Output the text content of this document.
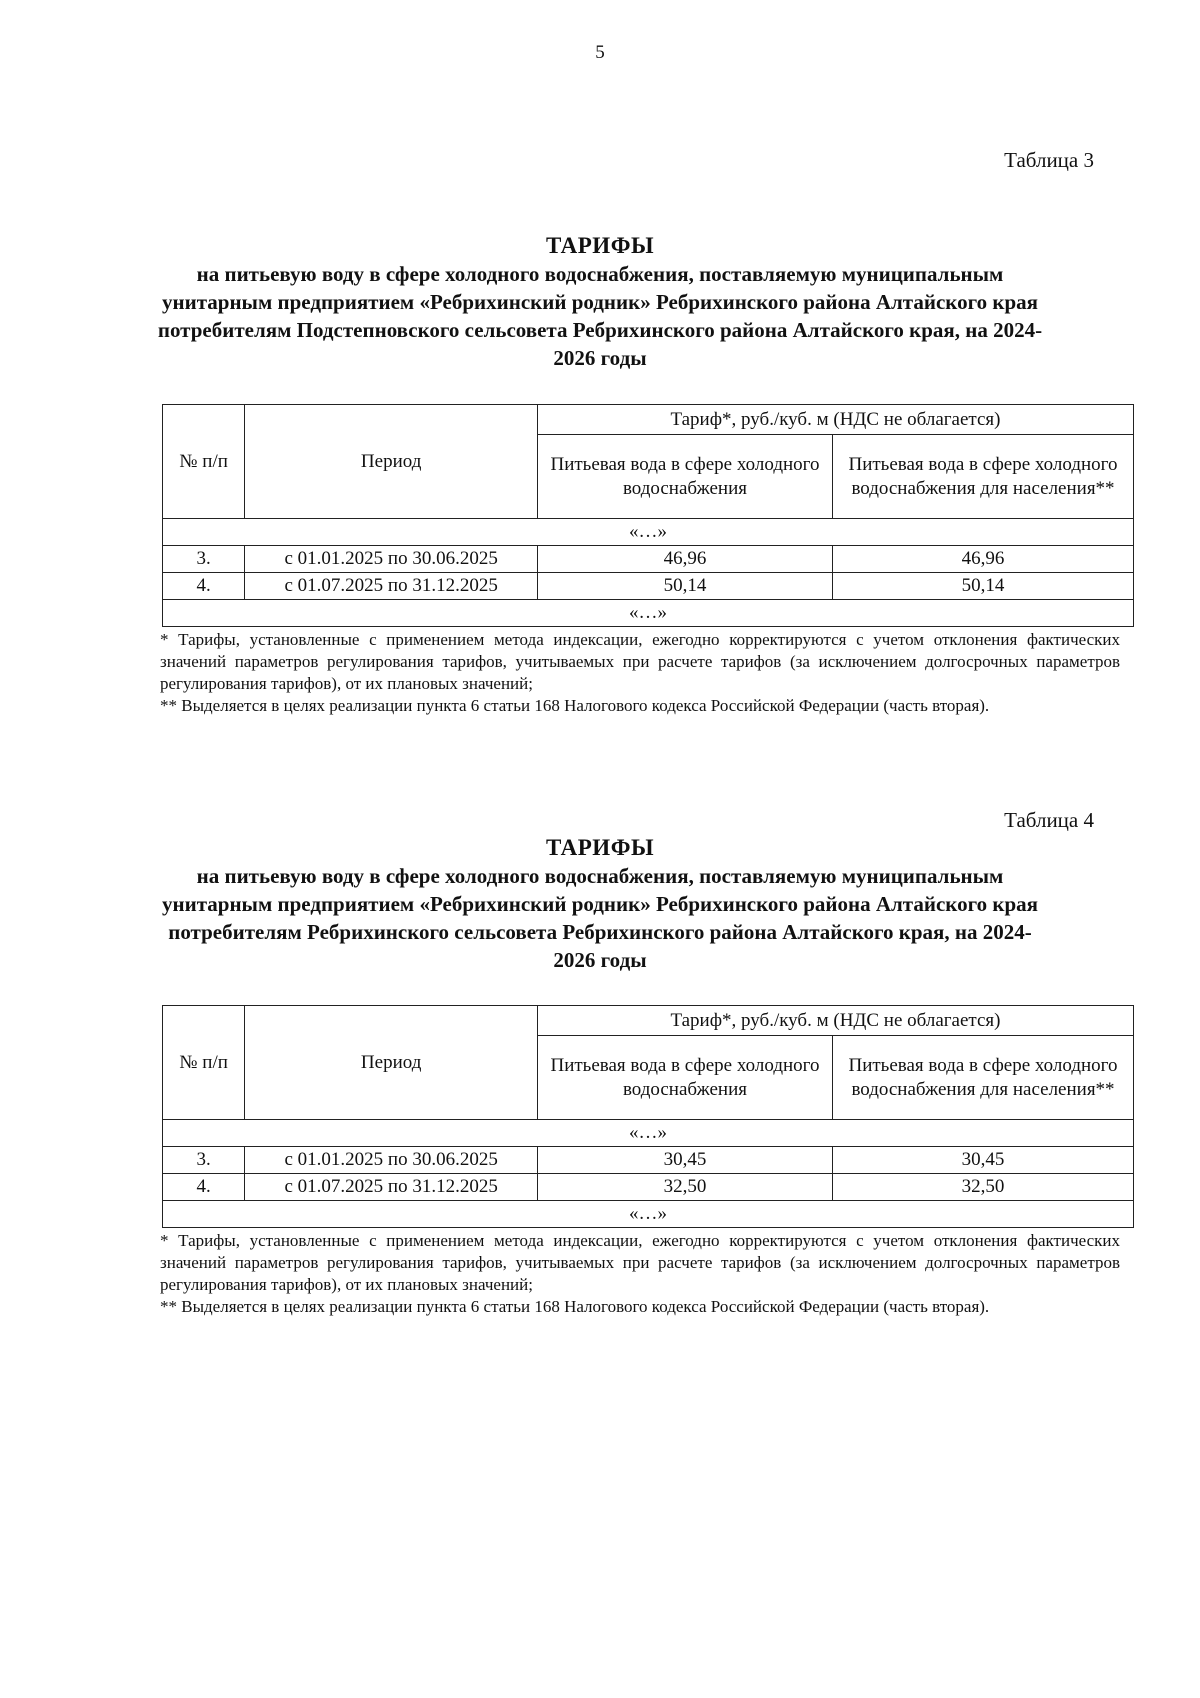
5
Таблица 3
ТАРИФЫ
на питьевую воду в сфере холодного водоснабжения, поставляемую муниципальным унитарным предприятием «Ребрихинский родник» Ребрихинского района Алтайского края потребителям Подстепновского сельсовета Ребрихинского района Алтайского края, на 2024-2026 годы
№ п/п	Период	Тариф*, руб./куб. м (НДС не облагается)	
		Питьевая вода в сфере холодного водоснабжения	Питьевая вода в сфере холодного водоснабжения для населения**
«…»			
3.	с 01.01.2025 по 30.06.2025	46,96	46,96
4.	с 01.07.2025 по 31.12.2025	50,14	50,14
«…»			

* Тарифы, установленные с применением метода индексации, ежегодно корректируются с учетом отклонения фактических значений параметров регулирования тарифов, учитываемых при расчете тарифов (за исключением долгосрочных параметров регулирования тарифов), от их плановых значений;

** Выделяется в целях реализации пункта 6 статьи 168 Налогового кодекса Российской Федерации (часть вторая).

Таблица 4
ТАРИФЫ
на питьевую воду в сфере холодного водоснабжения, поставляемую муниципальным унитарным предприятием «Ребрихинский родник» Ребрихинского района Алтайского края потребителям Ребрихинского сельсовета Ребрихинского района Алтайского края, на 2024-2026 годы
№ п/п	Период	Тариф*, руб./куб. м (НДС не облагается)	
		Питьевая вода в сфере холодного водоснабжения	Питьевая вода в сфере холодного водоснабжения для населения**
«…»			
3.	с 01.01.2025 по 30.06.2025	30,45	30,45
4.	с 01.07.2025 по 31.12.2025	32,50	32,50
«…»			

* Тарифы, установленные с применением метода индексации, ежегодно корректируются с учетом отклонения фактических значений параметров регулирования тарифов, учитываемых при расчете тарифов (за исключением долгосрочных параметров регулирования тарифов), от их плановых значений;

** Выделяется в целях реализации пункта 6 статьи 168 Налогового кодекса Российской Федерации (часть вторая).
